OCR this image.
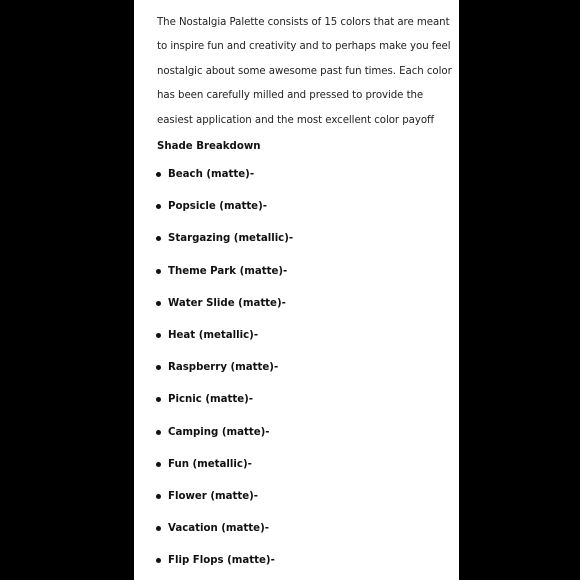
The Nostalgia Palette consists of 15 colors that are meant
to inspire fun and creativity and to perhaps make you feel
nostalgic about some awesome past fun times. Each color
has been carefully milled and pressed to provide the
easiest application and the most excellent color payoff

Shade Breakdown
Beach (matte)-
Popsicle (matte)-
Stargazing (metallic)-
Theme Park (matte)-
Water Slide (matte)-
Heat (metallic)-
Raspberry (matte)-
Picnic (matte)-
Camping (matte)-
Fun (metallic)-
Flower (matte)-
Vacation (matte)-
Flip Flops (matte)-
